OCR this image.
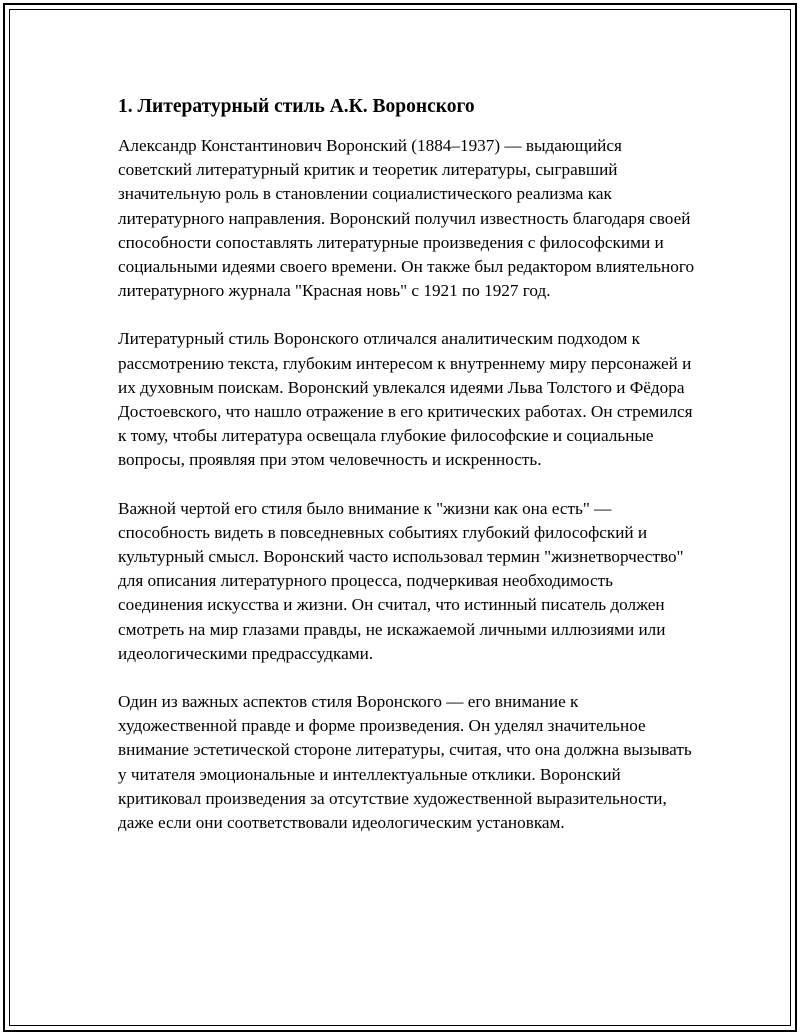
1. Литературный стиль А.К. Воронского

Александр Константинович Воронский (1884–1937) — выдающийся советский литературный критик и теоретик литературы, сыгравший значительную роль в становлении социалистического реализма как литературного направления. Воронский получил известность благодаря своей способности сопоставлять литературные произведения с философскими и социальными идеями своего времени. Он также был редактором влиятельного литературного журнала "Красная новь" с 1921 по 1927 год.

Литературный стиль Воронского отличался аналитическим подходом к рассмотрению текста, глубоким интересом к внутреннему миру персонажей и их духовным поискам. Воронский увлекался идеями Льва Толстого и Фёдора Достоевского, что нашло отражение в его критических работах. Он стремился к тому, чтобы литература освещала глубокие философские и социальные вопросы, проявляя при этом человечность и искренность.

Важной чертой его стиля было внимание к "жизни как она есть" — способность видеть в повседневных событиях глубокий философский и культурный смысл. Воронский часто использовал термин "жизнетворчество" для описания литературного процесса, подчеркивая необходимость соединения искусства и жизни. Он считал, что истинный писатель должен смотреть на мир глазами правды, не искажаемой личными иллюзиями или идеологическими предрассудками.

Один из важных аспектов стиля Воронского — его внимание к художественной правде и форме произведения. Он уделял значительное внимание эстетической стороне литературы, считая, что она должна вызывать у читателя эмоциональные и интеллектуальные отклики. Воронский критиковал произведения за отсутствие художественной выразительности, даже если они соответствовали идеологическим установкам.
